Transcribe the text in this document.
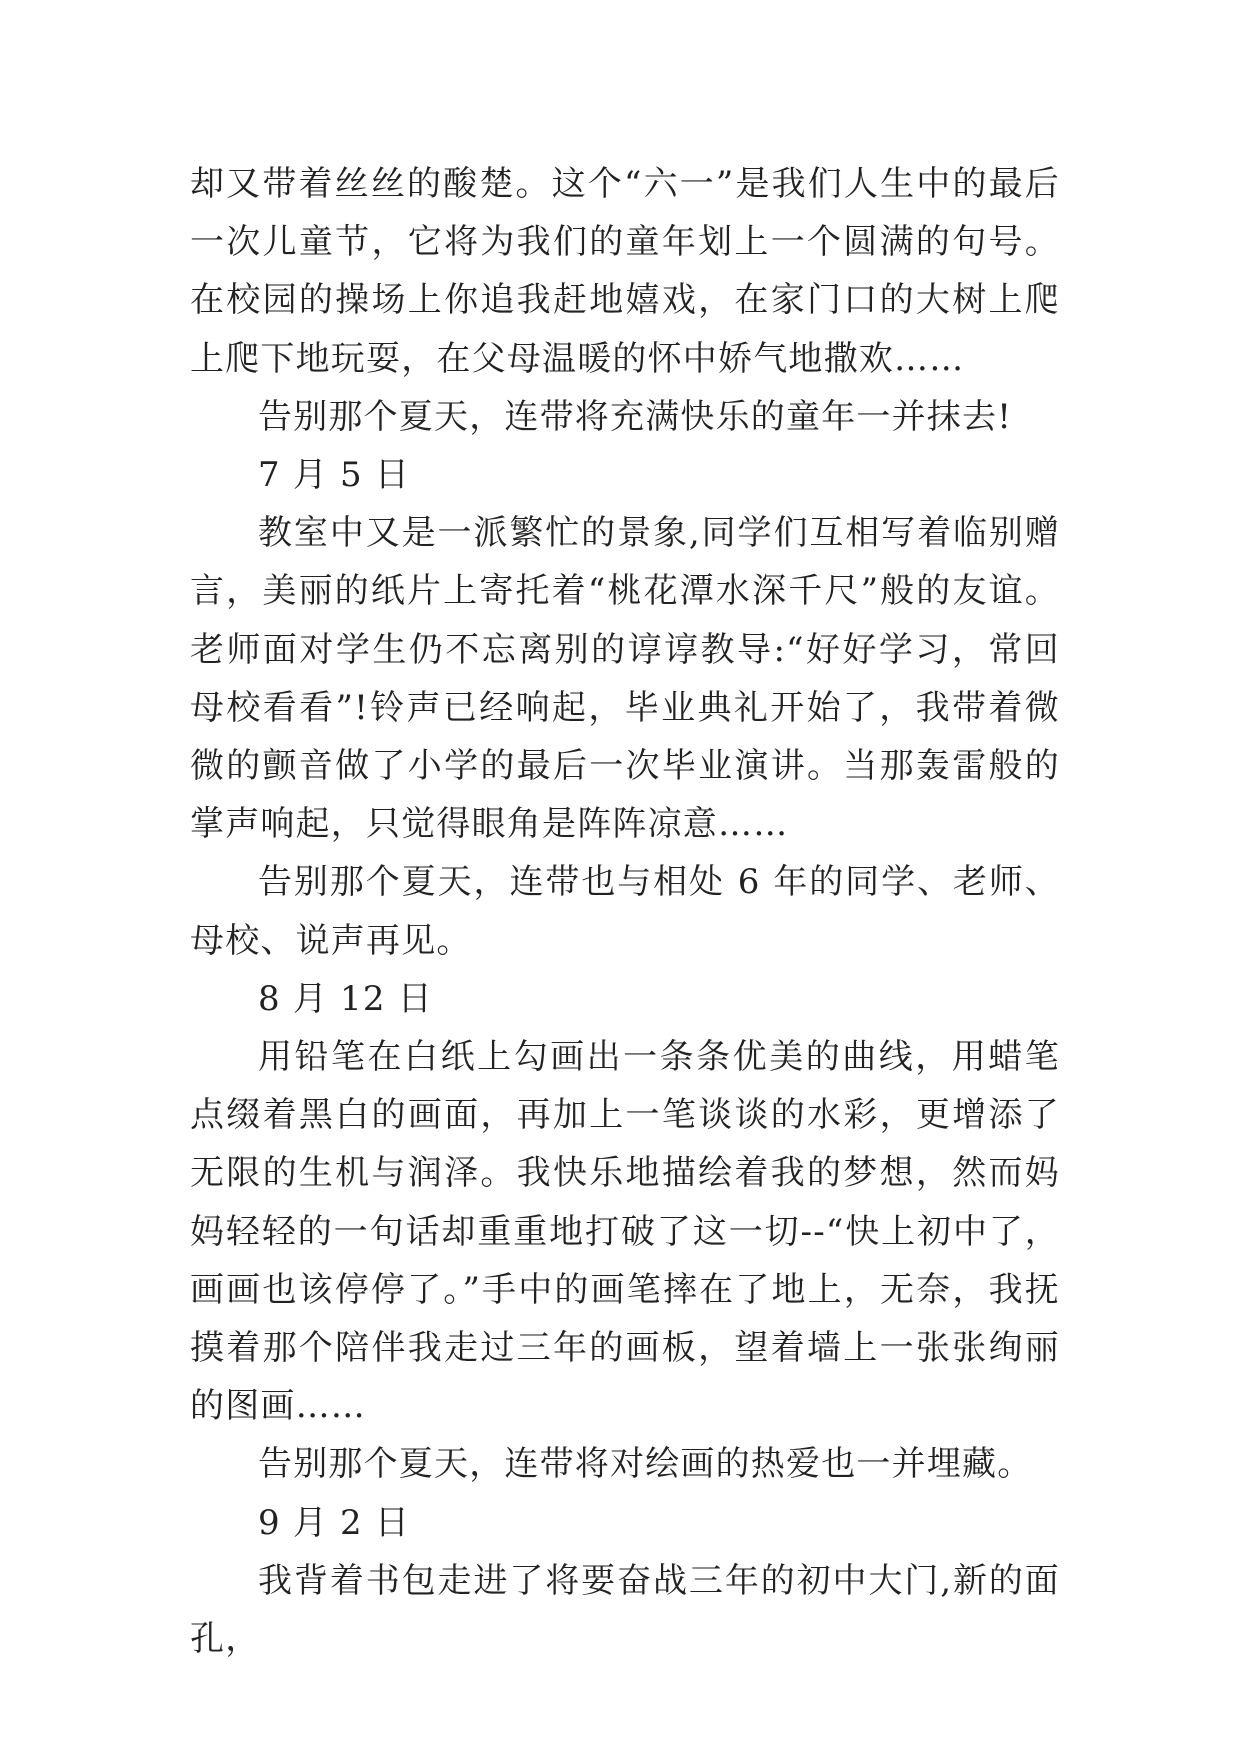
却又带着丝丝的酸楚。这个“六一”是我们人生中的最后一次儿童节，它将为我们的童年划上一个圆满的句号。在校园的操场上你追我赶地嬉戏，在家门口的大树上爬上爬下地玩耍，在父母温暖的怀中娇气地撒欢……

告别那个夏天，连带将充满快乐的童年一并抹去!

7 月 5 日

教室中又是一派繁忙的景象,同学们互相写着临别赠言，美丽的纸片上寄托着“桃花潭水深千尺”般的友谊。老师面对学生仍不忘离别的谆谆教导:“好好学习，常回母校看看”!铃声已经响起，毕业典礼开始了，我带着微微的颤音做了小学的最后一次毕业演讲。当那轰雷般的掌声响起，只觉得眼角是阵阵凉意……

告别那个夏天，连带也与相处 6 年的同学、老师、母校、说声再见。

8 月 12 日

用铅笔在白纸上勾画出一条条优美的曲线，用蜡笔点缀着黑白的画面，再加上一笔谈谈的水彩，更增添了无限的生机与润泽。我快乐地描绘着我的梦想，然而妈妈轻轻的一句话却重重地打破了这一切--“快上初中了，画画也该停停了。”手中的画笔摔在了地上，无奈，我抚摸着那个陪伴我走过三年的画板，望着墙上一张张绚丽的图画……

告别那个夏天，连带将对绘画的热爱也一并埋藏。

9 月 2 日

我背着书包走进了将要奋战三年的初中大门,新的面孔，
